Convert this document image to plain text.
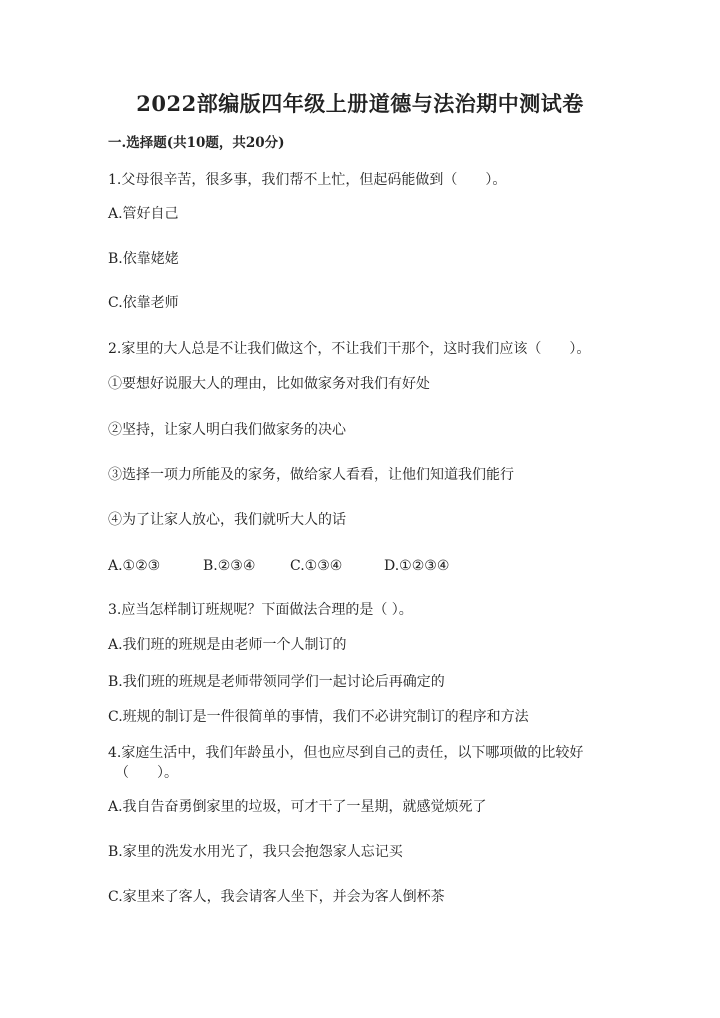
2022部编版四年级上册道德与法治期中测试卷
一.选择题(共10题，共20分)
1.父母很辛苦，很多事，我们帮不上忙，但起码能做到（　　）。
A.管好自己
B.依靠姥姥
C.依靠老师
2.家里的大人总是不让我们做这个，不让我们干那个，这时我们应该（　　）。
①要想好说服大人的理由，比如做家务对我们有好处
②坚持，让家人明白我们做家务的决心
③选择一项力所能及的家务，做给家人看看，让他们知道我们能行
④为了让家人放心，我们就听大人的话
A.①②③	B.②③④ C.①③④	D.①②③④
3.应当怎样制订班规呢？下面做法合理的是（ ）。
A.我们班的班规是由老师一个人制订的
B.我们班的班规是老师带领同学们一起讨论后再确定的
C.班规的制订是一件很简单的事情，我们不必讲究制订的程序和方法
4.家庭生活中，我们年龄虽小，但也应尽到自己的责任，以下哪项做的比较好
（　　）。
A.我自告奋勇倒家里的垃圾，可才干了一星期，就感觉烦死了
B.家里的洗发水用光了，我只会抱怨家人忘记买
C.家里来了客人，我会请客人坐下，并会为客人倒杯茶
